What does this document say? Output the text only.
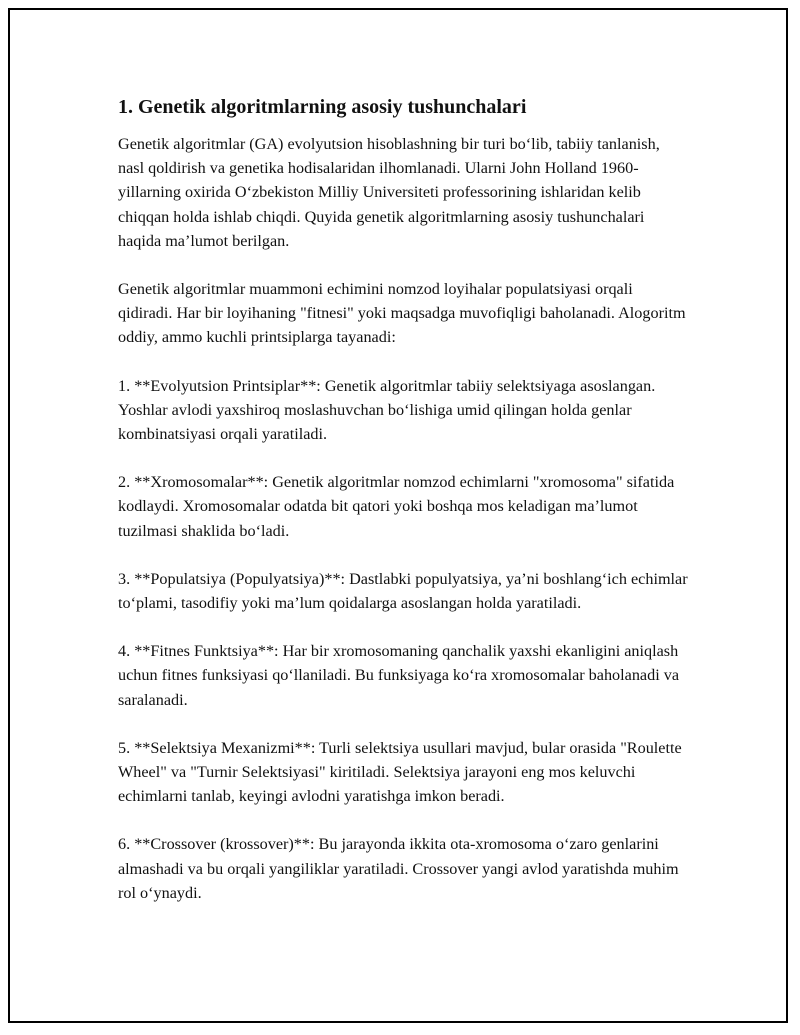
1. Genetik algoritmlarning asosiy tushunchalari

Genetik algoritmlar (GA) evolyutsion hisoblashning bir turi bo‘lib, tabiiy tanlanish, nasl qoldirish va genetika hodisalaridan ilhomlanadi. Ularni John Holland 1960-yillarning oxirida O‘zbekiston Milliy Universiteti professorining ishlaridan kelib chiqqan holda ishlab chiqdi. Quyida genetik algoritmlarning asosiy tushunchalari haqida ma’lumot berilgan.

Genetik algoritmlar muammoni echimini nomzod loyihalar populatsiyasi orqali qidiradi. Har bir loyihaning "fitnesi" yoki maqsadga muvofiqligi baholanadi. Alogoritm oddiy, ammo kuchli printsiplarga tayanadi:

1. **Evolyutsion Printsiplar**: Genetik algoritmlar tabiiy selektsiyaga asoslangan. Yoshlar avlodi yaxshiroq moslashuvchan bo‘lishiga umid qilingan holda genlar kombinatsiyasi orqali yaratiladi.

2. **Xromosomalar**: Genetik algoritmlar nomzod echimlarni "xromosoma" sifatida kodlaydi. Xromosomalar odatda bit qatori yoki boshqa mos keladigan ma’lumot tuzilmasi shaklida bo‘ladi.

3. **Populatsiya (Populyatsiya)**: Dastlabki populyatsiya, ya’ni boshlang‘ich echimlar to‘plami, tasodifiy yoki ma’lum qoidalarga asoslangan holda yaratiladi.

4. **Fitnes Funktsiya**: Har bir xromosomaning qanchalik yaxshi ekanligini aniqlash uchun fitnes funksiyasi qo‘llaniladi. Bu funksiyaga ko‘ra xromosomalar baholanadi va saralanadi.

5. **Selektsiya Mexanizmi**: Turli selektsiya usullari mavjud, bular orasida "Roulette Wheel" va "Turnir Selektsiyasi" kiritiladi. Selektsiya jarayoni eng mos keluvchi echimlarni tanlab, keyingi avlodni yaratishga imkon beradi.

6. **Crossover (krossover)**: Bu jarayonda ikkita ota-xromosoma o‘zaro genlarini almashadi va bu orqali yangiliklar yaratiladi. Crossover yangi avlod yaratishda muhim rol o‘ynaydi.
